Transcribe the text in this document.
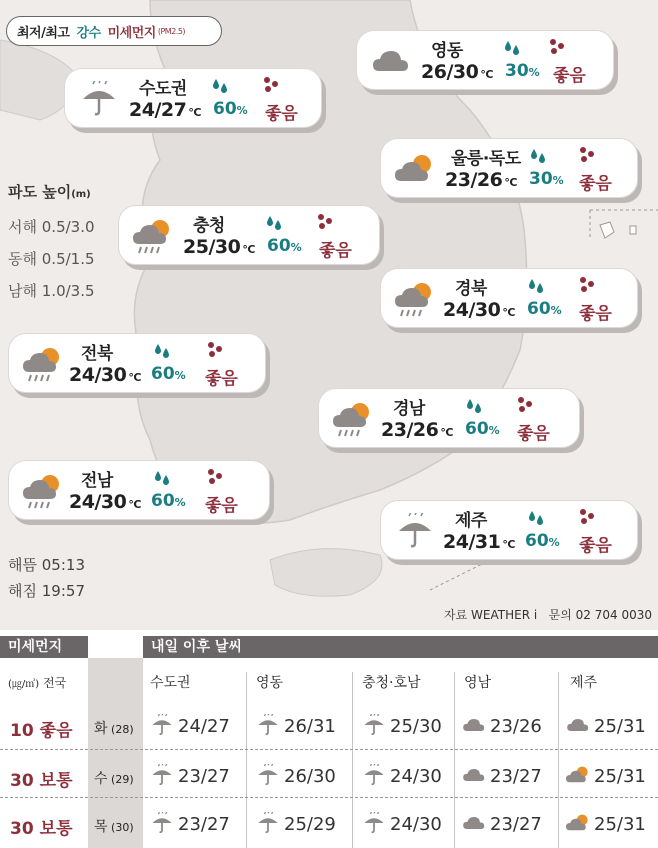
최저/최고 강수 미세먼지 (PM2.5)
영동
26/30 °C 30% 좋음
수도권
24/27 °C 60% 좋음
울릉·독도
23/26 °C 30% 좋음
충청
25/30 °C 60% 좋음
경북
24/30 °C 60% 좋음
전북
24/30 °C 60% 좋음
경남
23/26 °C 60% 좋음
전남
24/30 °C 60% 좋음
제주
24/31 °C 60% 좋음
파도 높이(m)
서해 0.5/3.0
동해 0.5/1.5
남해 1.0/3.5
해뜸 05:13
해짐 19:57
자료 WEATHER i 문의 02 704 0030
미세먼지	내일 이후 날씨
(㎍/㎥) 전국	수도권	영동	충청·호남	영남	제주
10 좋음 화 (28) 24/27	26/31	25/30	23/26	25/31
30 보통 수 (29) 23/27	26/30	24/30	23/27	25/31
30 보통 목 (30) 23/27	25/29	24/30	23/27	25/31
